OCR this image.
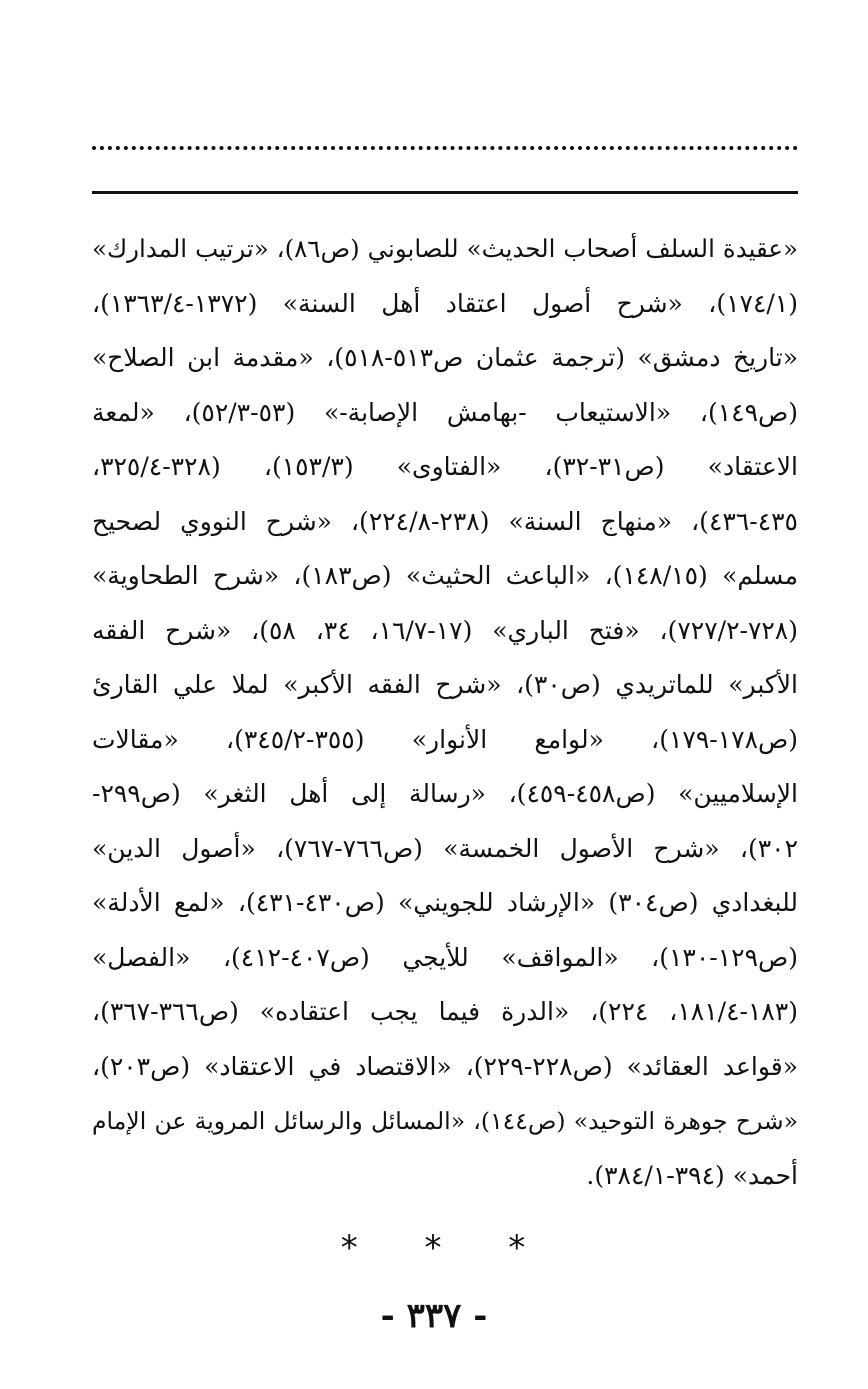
«عقيدة السلف أصحاب الحديث» للصابوني (ص٨٦)، «ترتيب المدارك»
(١٧٤/١)، «شرح أصول اعتقاد أهل السنة» (١٣٧٢-١٣٦٣/٤)،
«تاريخ دمشق» (ترجمة عثمان ص٥١٣-٥١٨)، «مقدمة ابن الصلاح»
(ص١٤٩)، «الاستيعاب -بهامش الإصابة-» (٥٣-٥٢/٣)، «لمعة
الاعتقاد» (ص٣١-٣٢)، «الفتاوى» (١٥٣/٣)، (٣٢٨-٣٢٥/٤،
٤٣٥-٤٣٦)، «منهاج السنة» (٢٣٨-٢٢٤/٨)، «شرح النووي لصحيح
مسلم» (١٤٨/١٥)، «الباعث الحثيث» (ص١٨٣)، «شرح الطحاوية»
(٧٢٨-٧٢٧/٢)، «فتح الباري» (١٧-١٦/٧، ٣٤، ٥٨)، «شرح الفقه
الأكبر» للماتريدي (ص٣٠)، «شرح الفقه الأكبر» لملا علي القارئ
(ص١٧٨-١٧٩)، «لوامع الأنوار» (٣٥٥-٣٤٥/٢)، «مقالات
الإسلاميين» (ص٤٥٨-٤٥٩)، «رسالة إلى أهل الثغر» (ص٢٩٩-
٣٠٢)، «شرح الأصول الخمسة» (ص٧٦٦-٧٦٧)، «أصول الدين»
للبغدادي (ص٣٠٤) «الإرشاد للجويني» (ص٤٣٠-٤٣١)، «لمع الأدلة»
(ص١٢٩-١٣٠)، «المواقف» للأيجي (ص٤٠٧-٤١٢)، «الفصل»
(١٨٣-١٨١/٤، ٢٢٤)، «الدرة فيما يجب اعتقاده» (ص٣٦٦-٣٦٧)،
«قواعد العقائد» (ص٢٢٨-٢٢٩)، «الاقتصاد في الاعتقاد» (ص٢٠٣)،
«شرح جوهرة التوحيد» (ص١٤٤)، «المسائل والرسائل المروية عن الإمام
أحمد» (٣٩٤-٣٨٤/١).
* * *
- ٣٣٧ -
